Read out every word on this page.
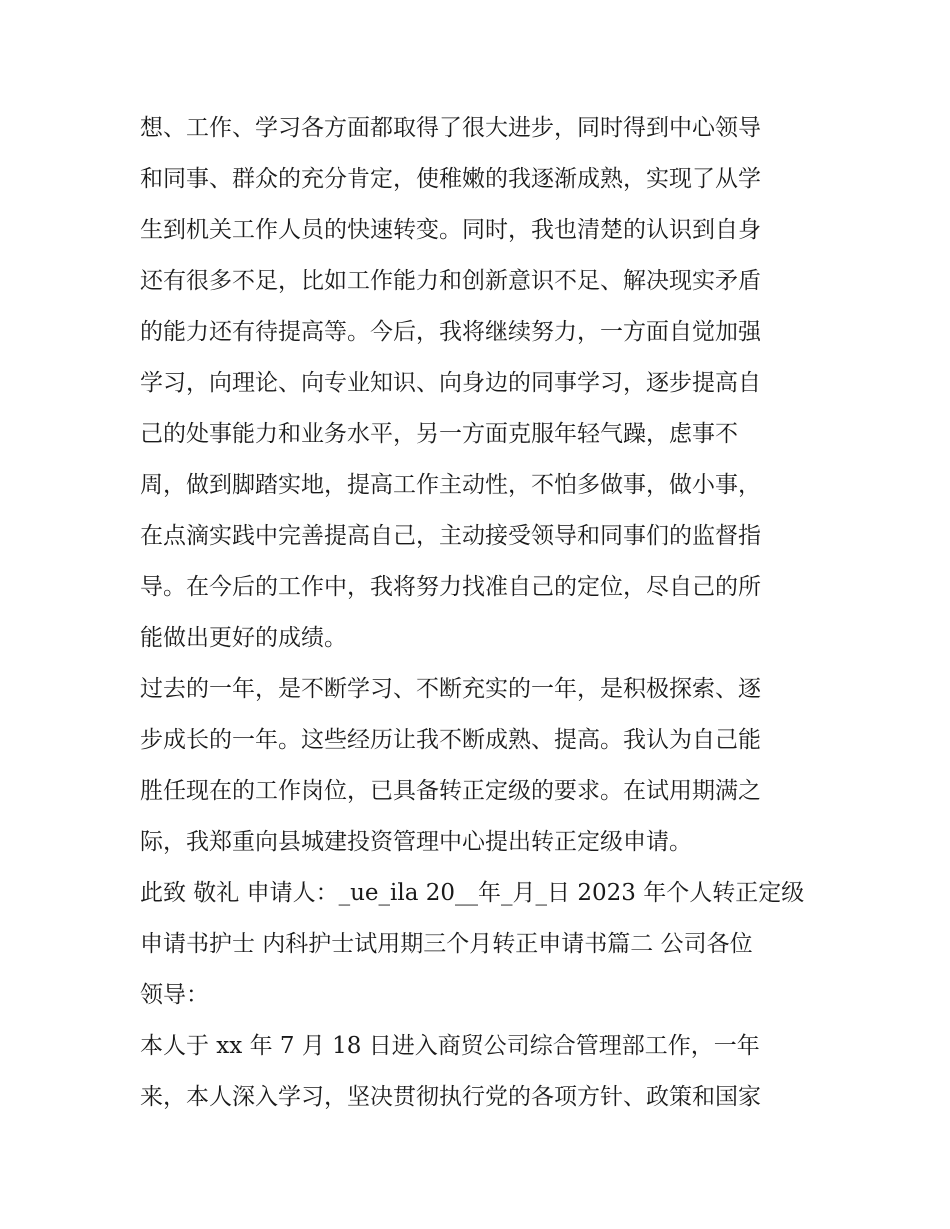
想、工作、学习各方面都取得了很大进步，同时得到中心领导
和同事、群众的充分肯定，使稚嫩的我逐渐成熟，实现了从学
生到机关工作人员的快速转变。同时，我也清楚的认识到自身
还有很多不足，比如工作能力和创新意识不足、解决现实矛盾
的能力还有待提高等。今后，我将继续努力，一方面自觉加强
学习，向理论、向专业知识、向身边的同事学习，逐步提高自
己的处事能力和业务水平，另一方面克服年轻气躁，虑事不
周，做到脚踏实地，提高工作主动性，不怕多做事，做小事，
在点滴实践中完善提高自己，主动接受领导和同事们的监督指
导。在今后的工作中，我将努力找准自己的定位，尽自己的所
能做出更好的成绩。
过去的一年，是不断学习、不断充实的一年，是积极探索、逐
步成长的一年。这些经历让我不断成熟、提高。我认为自己能
胜任现在的工作岗位，已具备转正定级的要求。在试用期满之
际，我郑重向县城建投资管理中心提出转正定级申请。
此致 敬礼 申请人：_ue_ila 20__年_月_日 2023 年个人转正定级
申请书护士 内科护士试用期三个月转正申请书篇二 公司各位
领导：
本人于 xx 年 7 月 18 日进入商贸公司综合管理部工作，一年
来，本人深入学习，坚决贯彻执行党的各项方针、政策和国家
